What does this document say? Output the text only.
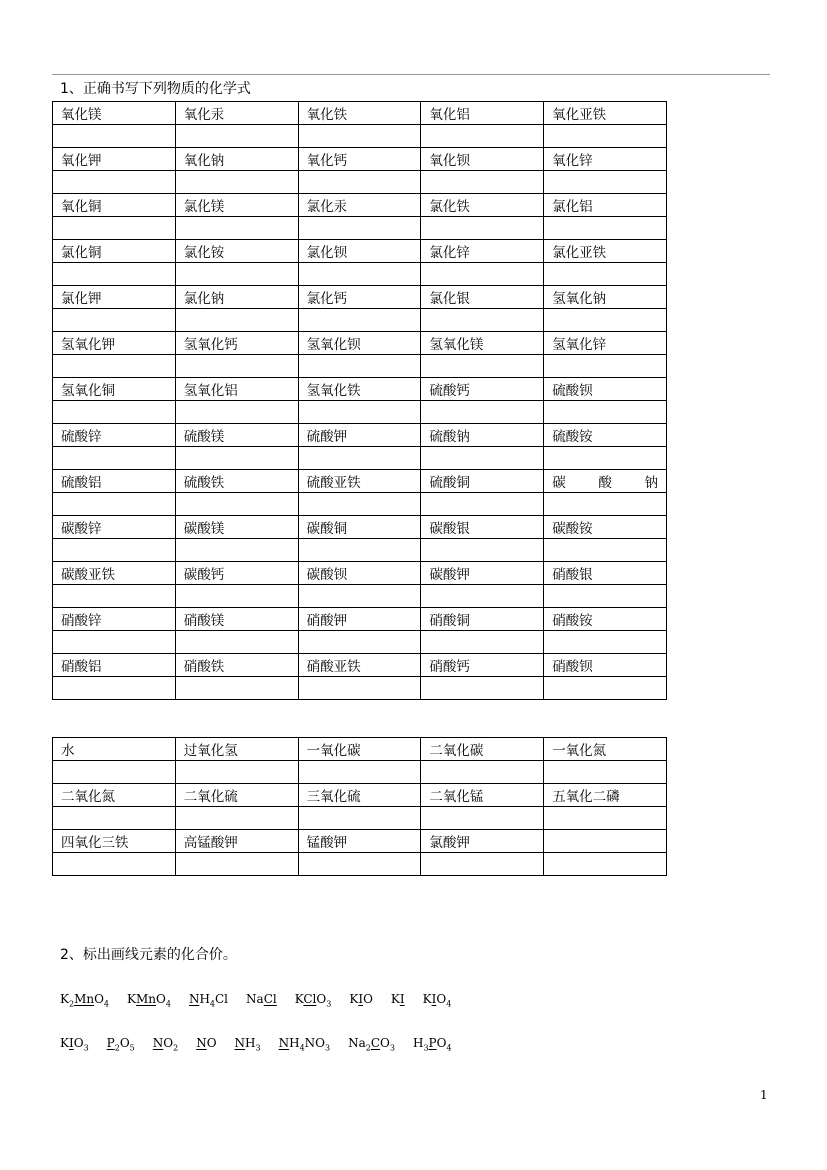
1、正确书写下列物质的化学式
氧化镁	氧化汞	氧化铁	氧化铝	氧化亚铁

氧化钾	氧化钠	氧化钙	氧化钡	氧化锌

氧化铜	氯化镁	氯化汞	氯化铁	氯化铝

氯化铜	氯化铵	氯化钡	氯化锌	氯化亚铁

氯化钾	氯化钠	氯化钙	氯化银	氢氧化钠

氢氧化钾	氢氧化钙	氢氧化钡	氢氧化镁	氢氧化锌

氢氧化铜	氢氧化铝	氢氧化铁	硫酸钙	硫酸钡

硫酸锌	硫酸镁	硫酸钾	硫酸钠	硫酸铵

硫酸铝	硫酸铁	硫酸亚铁	硫酸铜	碳 酸 钠

碳酸锌	碳酸镁	碳酸铜	碳酸银	碳酸铵

碳酸亚铁	碳酸钙	碳酸钡	碳酸钾	硝酸银

硝酸锌	硝酸镁	硝酸钾	硝酸铜	硝酸铵

硝酸铝	硝酸铁	硝酸亚铁	硝酸钙	硝酸钡

水	过氧化氢	一氧化碳	二氧化碳	一氧化氮

二氧化氮	二氧化硫	三氧化硫	二氧化锰	五氧化二磷

四氧化三铁	高锰酸钾	锰酸钾	氯酸钾	

2、标出画线元素的化合价。
$K_2MnO_4$ KMnO$_4$ $NH_4Cl$ NaCl KClO$_3$ KIO KI $KIO_4$
$KIO_3$ $P_2O_5$ $NO_2$ NO $NH_3$ $NH_4NO_3$ $Na_2CO_3$ $H_3PO_4$
1
